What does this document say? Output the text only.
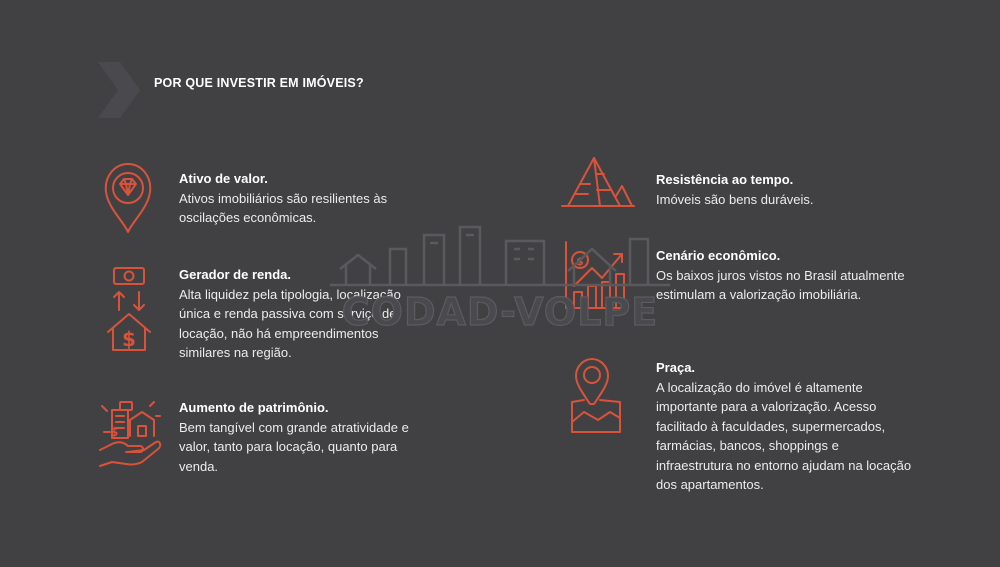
POR QUE INVESTIR EM IMÓVEIS?
Ativo de valor.
Ativos imobiliários são resilientes às oscilações econômicas.
$
Gerador de renda.
Alta liquidez pela tipologia, localização única e renda passiva com serviço de locação, não há empreendimentos similares na região.
$
Aumento de patrimônio.
Bem tangível com grande atratividade e valor, tanto para locação, quanto para venda.
Resistência ao tempo.
Imóveis são bens duráveis.
$	Cenário econômico.
Os baixos juros vistos no Brasil atualmente estimulam a valorização imobiliária.
Praça.
A localização do imóvel é altamente importante para a valorização. Acesso facilitado à faculdades, supermercados, farmácias, bancos, shoppings e infraestrutura no entorno ajudam na locação dos apartamentos.
CODAD-VOLPE
